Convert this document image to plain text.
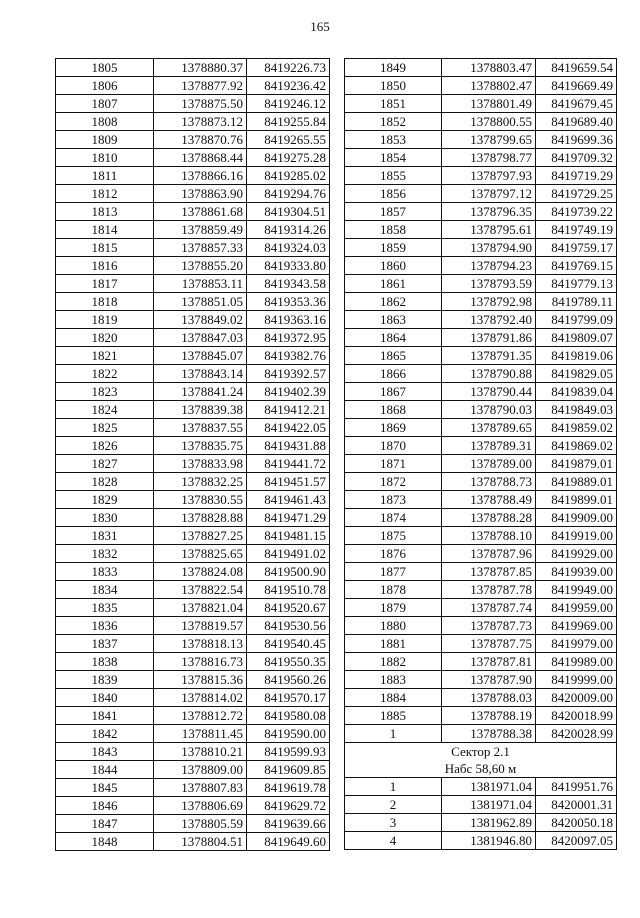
165
1805	1378880.37	8419226.73
1806	1378877.92	8419236.42
1807	1378875.50	8419246.12
1808	1378873.12	8419255.84
1809	1378870.76	8419265.55
1810	1378868.44	8419275.28
1811	1378866.16	8419285.02
1812	1378863.90	8419294.76
1813	1378861.68	8419304.51
1814	1378859.49	8419314.26
1815	1378857.33	8419324.03
1816	1378855.20	8419333.80
1817	1378853.11	8419343.58
1818	1378851.05	8419353.36
1819	1378849.02	8419363.16
1820	1378847.03	8419372.95
1821	1378845.07	8419382.76
1822	1378843.14	8419392.57
1823	1378841.24	8419402.39
1824	1378839.38	8419412.21
1825	1378837.55	8419422.05
1826	1378835.75	8419431.88
1827	1378833.98	8419441.72
1828	1378832.25	8419451.57
1829	1378830.55	8419461.43
1830	1378828.88	8419471.29
1831	1378827.25	8419481.15
1832	1378825.65	8419491.02
1833	1378824.08	8419500.90
1834	1378822.54	8419510.78
1835	1378821.04	8419520.67
1836	1378819.57	8419530.56
1837	1378818.13	8419540.45
1838	1378816.73	8419550.35
1839	1378815.36	8419560.26
1840	1378814.02	8419570.17
1841	1378812.72	8419580.08
1842	1378811.45	8419590.00
1843	1378810.21	8419599.93
1844	1378809.00	8419609.85
1845	1378807.83	8419619.78
1846	1378806.69	8419629.72
1847	1378805.59	8419639.66
1848	1378804.51	8419649.60
1849	1378803.47	8419659.54
1850	1378802.47	8419669.49
1851	1378801.49	8419679.45
1852	1378800.55	8419689.40
1853	1378799.65	8419699.36
1854	1378798.77	8419709.32
1855	1378797.93	8419719.29
1856	1378797.12	8419729.25
1857	1378796.35	8419739.22
1858	1378795.61	8419749.19
1859	1378794.90	8419759.17
1860	1378794.23	8419769.15
1861	1378793.59	8419779.13
1862	1378792.98	8419789.11
1863	1378792.40	8419799.09
1864	1378791.86	8419809.07
1865	1378791.35	8419819.06
1866	1378790.88	8419829.05
1867	1378790.44	8419839.04
1868	1378790.03	8419849.03
1869	1378789.65	8419859.02
1870	1378789.31	8419869.02
1871	1378789.00	8419879.01
1872	1378788.73	8419889.01
1873	1378788.49	8419899.01
1874	1378788.28	8419909.00
1875	1378788.10	8419919.00
1876	1378787.96	8419929.00
1877	1378787.85	8419939.00
1878	1378787.78	8419949.00
1879	1378787.74	8419959.00
1880	1378787.73	8419969.00
1881	1378787.75	8419979.00
1882	1378787.81	8419989.00
1883	1378787.90	8419999.00
1884	1378788.03	8420009.00
1885	1378788.19	8420018.99
1	1378788.38	8420028.99

Сектор 2.1
Набс 58,60 м		

1	1381971.04	8419951.76
2	1381971.04	8420001.31
3	1381962.89	8420050.18
4	1381946.80	8420097.05
